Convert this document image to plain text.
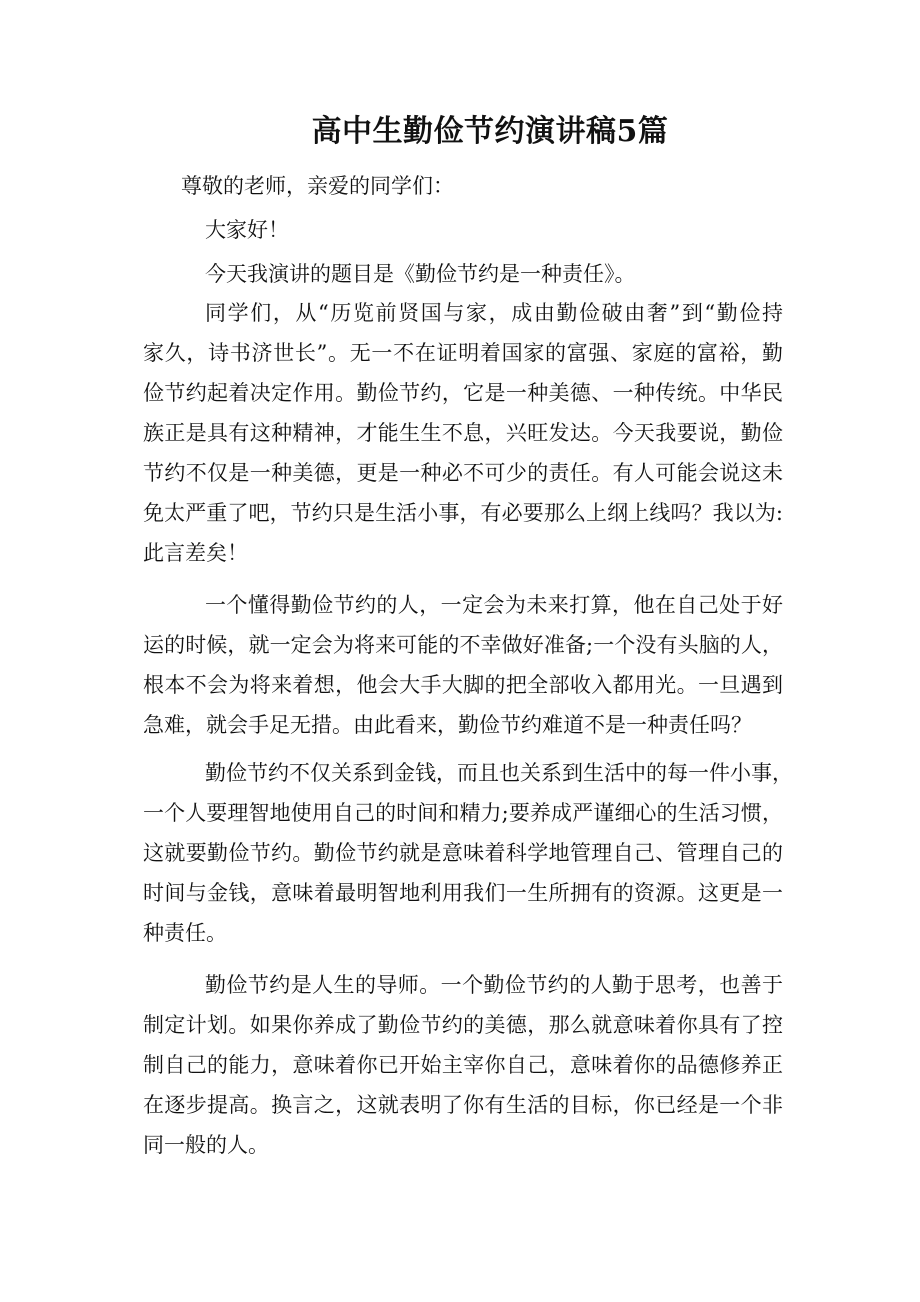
高中生勤俭节约演讲稿5篇
尊敬的老师，亲爱的同学们：
大家好！
今天我演讲的题目是《勤俭节约是一种责任》。
同学们，从“历览前贤国与家，成由勤俭破由奢”到“勤俭持
家久，诗书济世长”。无一不在证明着国家的富强、家庭的富裕，勤
俭节约起着决定作用。勤俭节约，它是一种美德、一种传统。中华民
族正是具有这种精神，才能生生不息，兴旺发达。今天我要说，勤俭
节约不仅是一种美德，更是一种必不可少的责任。有人可能会说这未
免太严重了吧，节约只是生活小事，有必要那么上纲上线吗？我以为:
此言差矣！
一个懂得勤俭节约的人，一定会为未来打算，他在自己处于好
运的时候，就一定会为将来可能的不幸做好准备;一个没有头脑的人，
根本不会为将来着想，他会大手大脚的把全部收入都用光。一旦遇到
急难，就会手足无措。由此看来，勤俭节约难道不是一种责任吗？
勤俭节约不仅关系到金钱，而且也关系到生活中的每一件小事，
一个人要理智地使用自己的时间和精力;要养成严谨细心的生活习惯，
这就要勤俭节约。勤俭节约就是意味着科学地管理自己、管理自己的
时间与金钱，意味着最明智地利用我们一生所拥有的资源。这更是一
种责任。
勤俭节约是人生的导师。一个勤俭节约的人勤于思考，也善于
制定计划。如果你养成了勤俭节约的美德，那么就意味着你具有了控
制自己的能力，意味着你已开始主宰你自己，意味着你的品德修养正
在逐步提高。换言之，这就表明了你有生活的目标，你已经是一个非
同一般的人。
